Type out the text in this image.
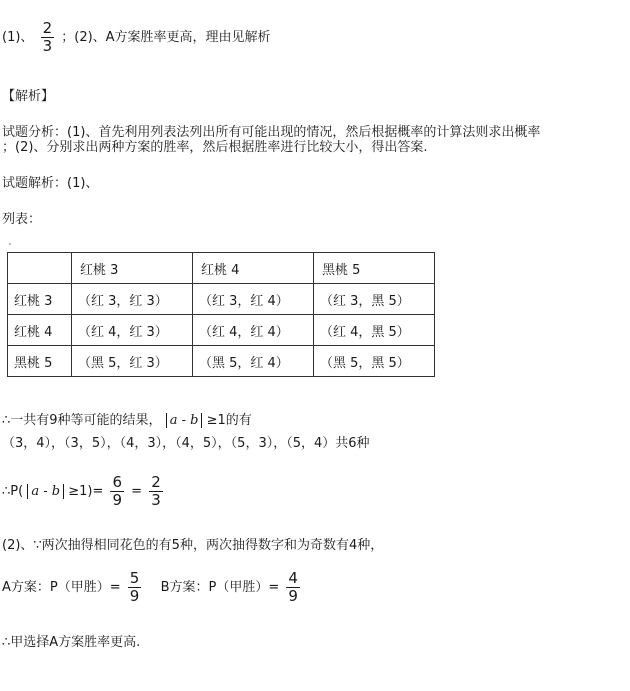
(1)、 $\frac{2}{3}$ ；(2)、A方案胜率更高，理由见解析
【解析】
试题分析：(1)、首先利用列表法列出所有可能出现的情况，然后根据概率的计算法则求出概率
；(2)、分别求出两种方案的胜率，然后根据胜率进行比较大小，得出答案.
试题解析：(1)、
列表：
	红桃 3	红桃 4	黑桃 5
红桃 3	（红 3，红 3）	（红 3，红 4）	（红 3，黑 5）
红桃 4	（红 4，红 3）	（红 4，红 4）	（红 4，黑 5）
黑桃 5	（黑 5，红 3）	（黑 5，红 4）	（黑 5，黑 5）
∴一共有9种等可能的结果， a - b ≥1的有
（3，4），（3，5），（4，3），（4，5），（5，3），（5，4）共6种
∴P( $a - b \ge 1)= \frac{6}{9} = \frac{2}{3}$
(2)、∵两次抽得相同花色的有5种，两次抽得数字和为奇数有4种，
A方案：P（甲胜）= $\frac{5}{9}$ B方案：P（甲胜）= $\frac{4}{9}$
∴甲选择A方案胜率更高.
